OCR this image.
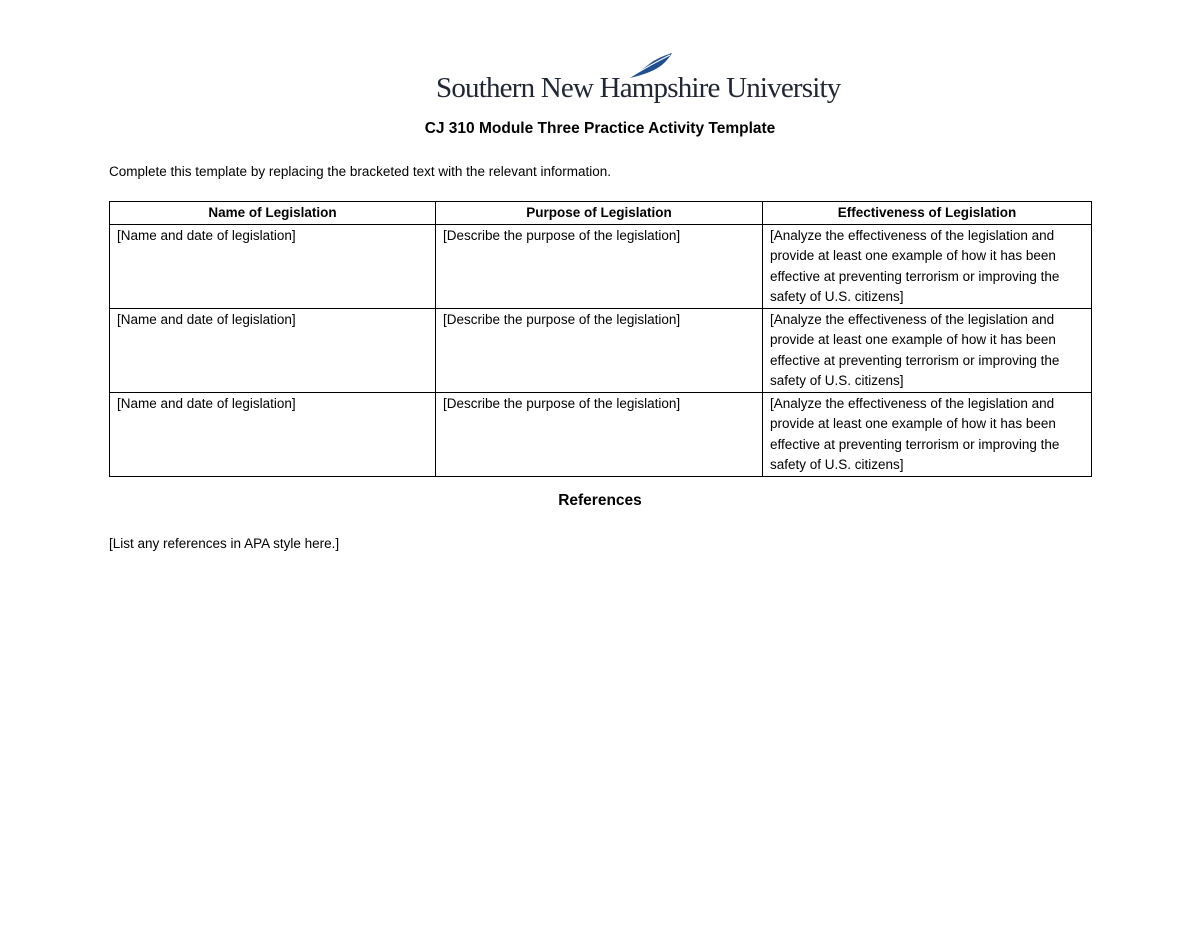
Southern New Hampshire University
CJ 310 Module Three Practice Activity Template
Complete this template by replacing the bracketed text with the relevant information.
Name of Legislation	Purpose of Legislation	Effectiveness of Legislation
[Name and date of legislation]	[Describe the purpose of the legislation]	[Analyze the effectiveness of the legislation and provide at least one example of how it has been effective at preventing terrorism or improving the safety of U.S. citizens]
[Name and date of legislation]	[Describe the purpose of the legislation]	[Analyze the effectiveness of the legislation and provide at least one example of how it has been effective at preventing terrorism or improving the safety of U.S. citizens]
[Name and date of legislation]	[Describe the purpose of the legislation]	[Analyze the effectiveness of the legislation and provide at least one example of how it has been effective at preventing terrorism or improving the safety of U.S. citizens]
References
[List any references in APA style here.]
